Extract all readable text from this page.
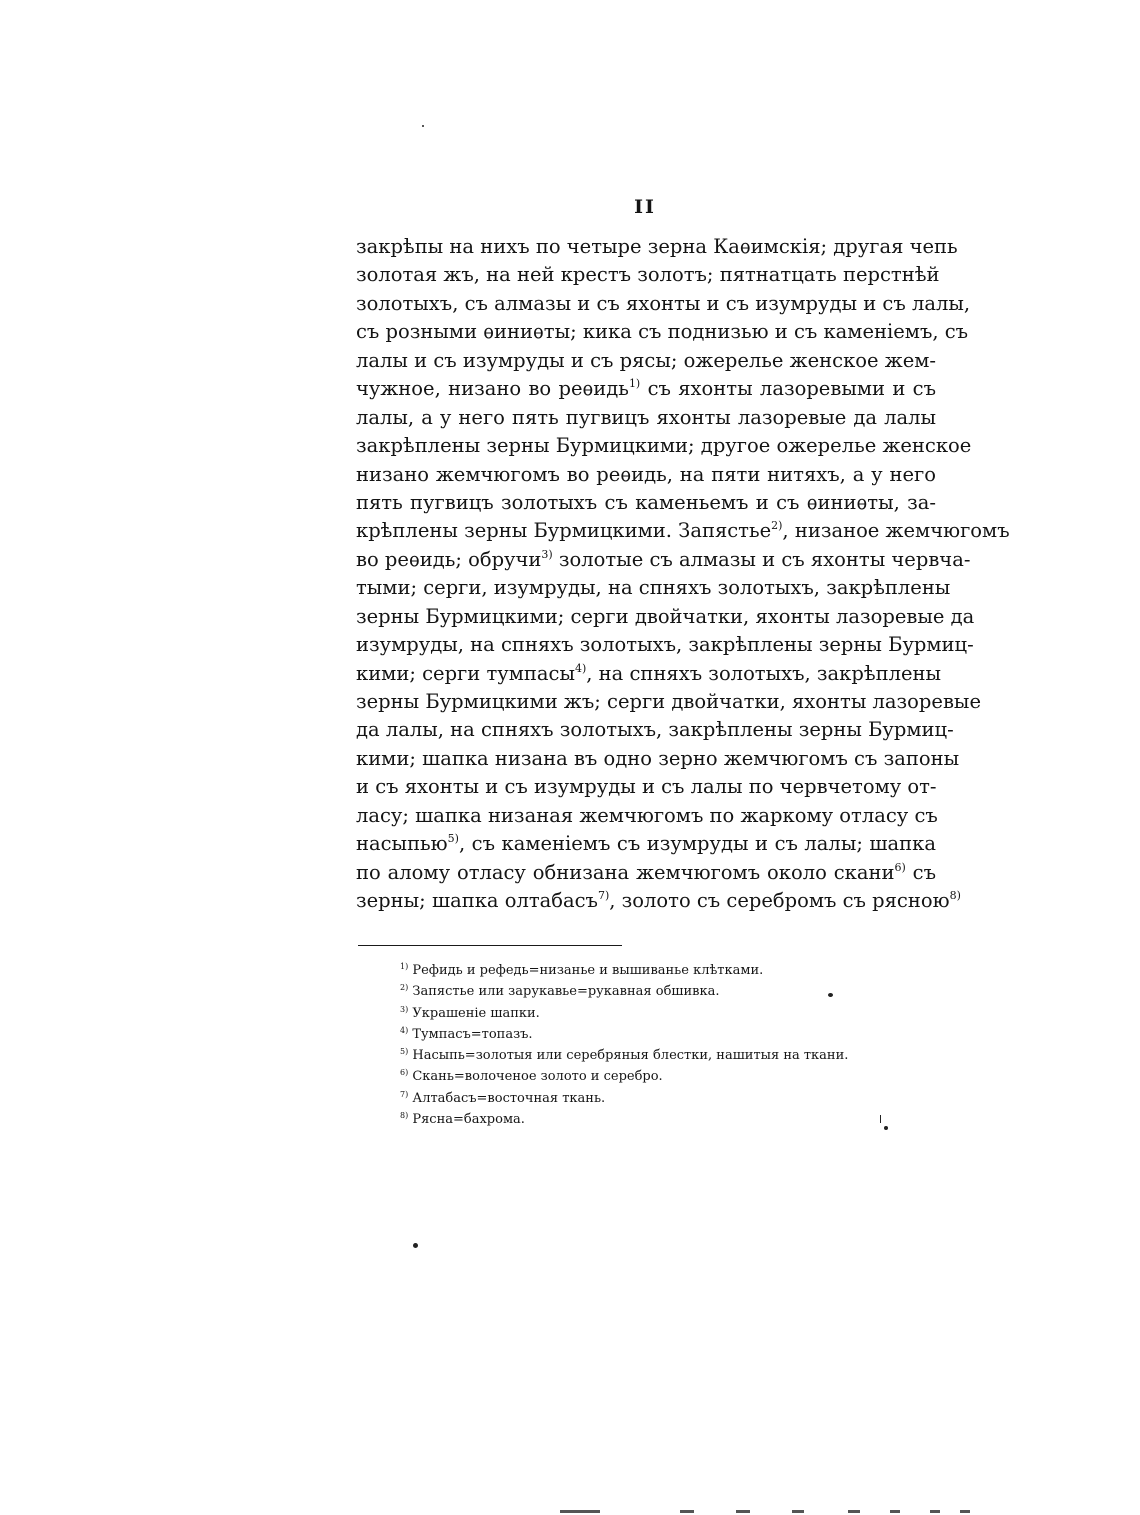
II
закрѣпы на нихъ по четыре зерна Каѳимскія; другая чепь
золотая жъ, на ней крестъ золотъ; пятнатцать перстнѣй
золотыхъ, съ алмазы и съ яхонты и съ изумруды и съ лалы,
съ розными ѳиниѳты; кика съ поднизью и съ каменіемъ, съ
лалы и съ изумруды и съ рясы; ожерелье женское жем-
чужное, низано во реѳидь$^{1)}$ съ яхонты лазоревыми и съ
лалы, а у него пять пугвицъ яхонты лазоревые да лалы
закрѣплены зерны Бурмицкими; другое ожерелье женское
низано жемчюгомъ во реѳидь, на пяти нитяхъ, а у него
пять пугвицъ золотыхъ съ каменьемъ и съ ѳиниѳты, за-
крѣплены зерны Бурмицкими. Запястье$^{2)}$, низаное жемчюгомъ
во реѳидь; обручи$^{3)}$ золотые съ алмазы и съ яхонты червча-
тыми; серги, изумруды, на спняхъ золотыхъ, закрѣплены
зерны Бурмицкими; серги двойчатки, яхонты лазоревые да
изумруды, на спняхъ золотыхъ, закрѣплены зерны Бурмиц-
кими; серги тумпасы$^{4)}$, на спняхъ золотыхъ, закрѣплены
зерны Бурмицкими жъ; серги двойчатки, яхонты лазоревые
да лалы, на спняхъ золотыхъ, закрѣплены зерны Бурмиц-
кими; шапка низана въ одно зерно жемчюгомъ съ запоны
и съ яхонты и съ изумруды и съ лалы по червчетому от-
ласу; шапка низаная жемчюгомъ по жаркому отласу съ
насыпью$^{5)}$, съ каменіемъ съ изумруды и съ лалы; шапка
по алому отласу обнизана жемчюгомъ около скани$^{6)}$ съ
зерны; шапка олтабасъ$^{7)}$, золото съ серебромъ съ рясною$^{8)}$
$^{1)}$ Рефидь и рефедь=низанье и вышиванье клѣтками.
$^{2)}$ Запястье или зарукавье=рукавная обшивка.
$^{3)}$ Украшеніе шапки.
$^{4)}$ Тумпасъ=топазъ.
$^{5)}$ Насыпь=золотыя или серебряныя блестки, нашитыя на ткани.
$^{6)}$ Скань=волоченое золото и серебро.
$^{7)}$ Алтабасъ=восточная ткань.
$^{8)}$ Рясна=бахрома.
